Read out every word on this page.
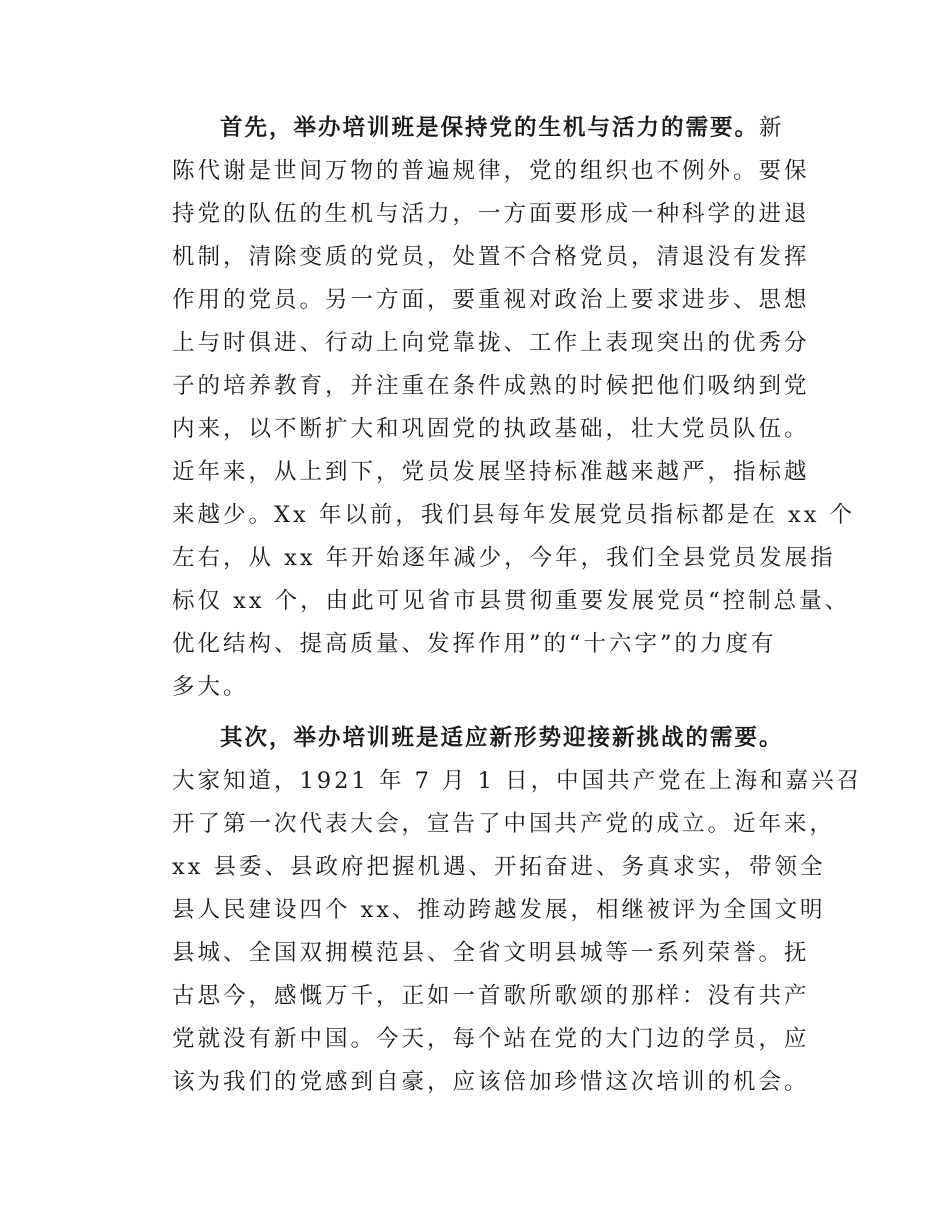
首先，举办培训班是保持党的生机与活力的需要。新
陈代谢是世间万物的普遍规律，党的组织也不例外。要保
持党的队伍的生机与活力，一方面要形成一种科学的进退
机制，清除变质的党员，处置不合格党员，清退没有发挥
作用的党员。另一方面，要重视对政治上要求进步、思想
上与时俱进、行动上向党靠拢、工作上表现突出的优秀分
子的培养教育，并注重在条件成熟的时候把他们吸纳到党
内来，以不断扩大和巩固党的执政基础，壮大党员队伍。
近年来，从上到下，党员发展坚持标准越来越严，指标越
来越少。Xx 年以前，我们县每年发展党员指标都是在 xx 个
左右，从 xx 年开始逐年减少，今年，我们全县党员发展指
标仅 xx 个，由此可见省市县贯彻重要发展党员“控制总量、
优化结构、提高质量、发挥作用”的“十六字”的力度有
多大。
其次，举办培训班是适应新形势迎接新挑战的需要。
大家知道，1921 年 7 月 1 日，中国共产党在上海和嘉兴召
开了第一次代表大会，宣告了中国共产党的成立。近年来，
xx 县委、县政府把握机遇、开拓奋进、务真求实，带领全
县人民建设四个 xx、推动跨越发展，相继被评为全国文明
县城、全国双拥模范县、全省文明县城等一系列荣誉。抚
古思今，感慨万千，正如一首歌所歌颂的那样：没有共产
党就没有新中国。今天，每个站在党的大门边的学员，应
该为我们的党感到自豪，应该倍加珍惜这次培训的机会。
